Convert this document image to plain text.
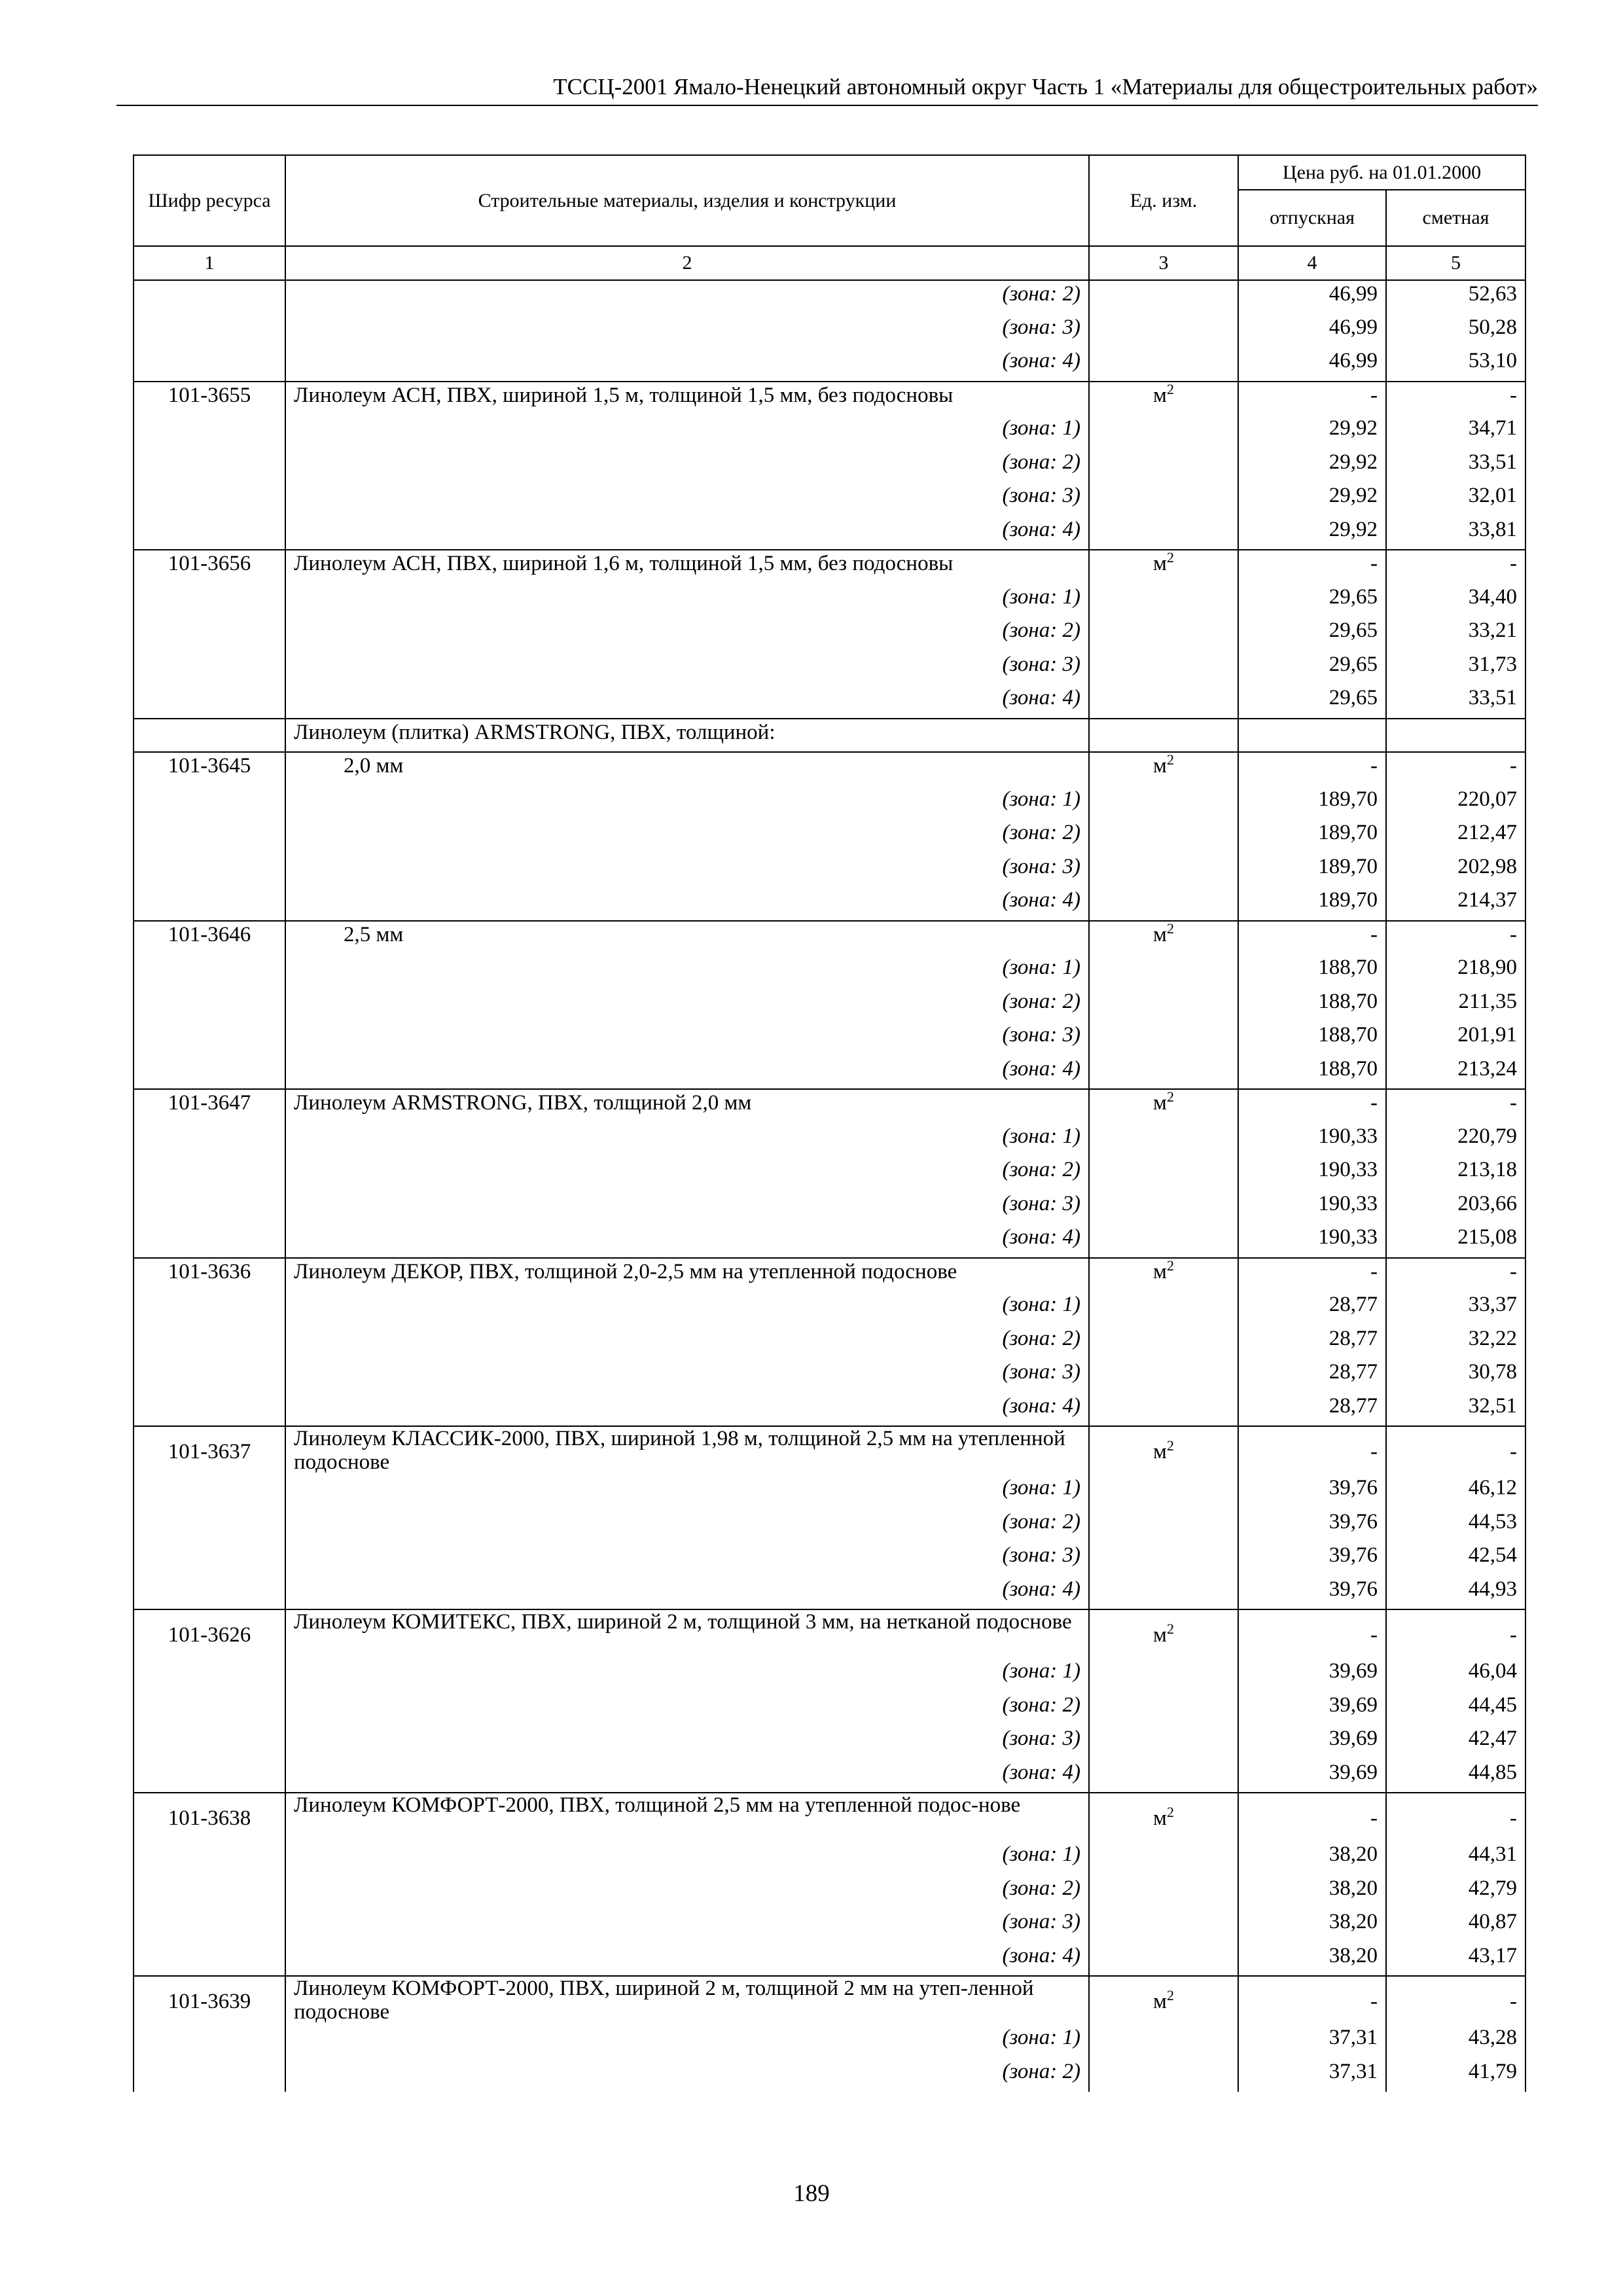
ТССЦ-2001 Ямало-Ненецкий автономный округ Часть 1 «Материалы для общестроительных работ»
Шифр ресурса	Строительные материалы, изделия и конструкции	Ед. изм.	Цена руб. на 01.01.2000	
			отпускная	сметная
1	2	3	4	5
	(зона: 2)		46,99	52,63
	(зона: 3)		46,99	50,28
	(зона: 4)		46,99	53,10
101-3655	Линолеум АСН, ПВХ, шириной 1,5 м, толщиной 1,5 мм, без подосновы	$м^2$	-	-
	(зона: 1)		29,92	34,71
	(зона: 2)		29,92	33,51
	(зона: 3)		29,92	32,01
	(зона: 4)		29,92	33,81
101-3656	Линолеум АСН, ПВХ, шириной 1,6 м, толщиной 1,5 мм, без подосновы	$м^2$	-	-
	(зона: 1)		29,65	34,40
	(зона: 2)		29,65	33,21
	(зона: 3)		29,65	31,73
	(зона: 4)		29,65	33,51
	Линолеум (плитка) ARMSTRONG, ПВХ, толщиной:			
101-3645	2,0 мм	$м^2$	-	-
	(зона: 1)		189,70	220,07
	(зона: 2)		189,70	212,47
	(зона: 3)		189,70	202,98
	(зона: 4)		189,70	214,37
101-3646	2,5 мм	$м^2$	-	-
	(зона: 1)		188,70	218,90
	(зона: 2)		188,70	211,35
	(зона: 3)		188,70	201,91
	(зона: 4)		188,70	213,24
101-3647	Линолеум ARMSTRONG, ПВХ, толщиной 2,0 мм	$м^2$	-	-
	(зона: 1)		190,33	220,79
	(зона: 2)		190,33	213,18
	(зона: 3)		190,33	203,66
	(зона: 4)		190,33	215,08
101-3636	Линолеум ДЕКОР, ПВХ, толщиной 2,0-2,5 мм на утепленной подоснове	$м^2$	-	-
	(зона: 1)		28,77	33,37
	(зона: 2)		28,77	32,22
	(зона: 3)		28,77	30,78
	(зона: 4)		28,77	32,51
101-3637	Линолеум КЛАССИК-2000, ПВХ, шириной 1,98 м, толщиной 2,5 мм на утепленной подоснове	$м^2$	-	-
	(зона: 1)		39,76	46,12
	(зона: 2)		39,76	44,53
	(зона: 3)		39,76	42,54
	(зона: 4)		39,76	44,93
101-3626	Линолеум КОМИТЕКС, ПВХ, шириной 2 м, толщиной 3 мм, на нетканой подоснове	$м^2$	-	-
	(зона: 1)		39,69	46,04
	(зона: 2)		39,69	44,45
	(зона: 3)		39,69	42,47
	(зона: 4)		39,69	44,85
101-3638	Линолеум КОМФОРТ-2000, ПВХ, толщиной 2,5 мм на утепленной подос-нове	$м^2$	-	-
	(зона: 1)		38,20	44,31
	(зона: 2)		38,20	42,79
	(зона: 3)		38,20	40,87
	(зона: 4)		38,20	43,17
101-3639	Линолеум КОМФОРТ-2000, ПВХ, шириной 2 м, толщиной 2 мм на утеп-ленной подоснове	$м^2$	-	-
	(зона: 1)		37,31	43,28
	(зона: 2)		37,31	41,79
189
